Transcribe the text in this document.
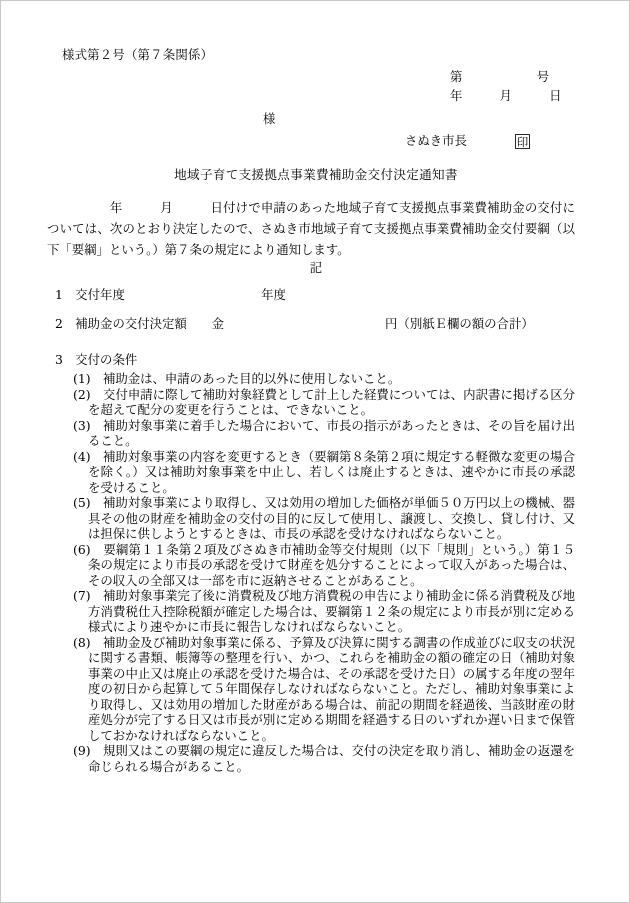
様式第２号（第７条関係）
第　　　　　　号
年　　　月　　　日
様
さぬき市長	印
地域子育て支援拠点事業費補助金交付決定通知書
　　　　　年　　　月　　　日付けで申請のあった地域子育て支援拠点事業費補助金の交付については、次のとおり決定したので、さぬき市地域子育て支援拠点事業費補助金交付要綱（以下「要綱」という。）第７条の規定により通知します。
記
1　交付年度　　　　　　　　　　　年度
2　補助金の交付決定額　　金　　　　　　　　　　　　　円（別紙Ｅ欄の額の合計）
3　交付の条件
(1)　補助金は、申請のあった目的以外に使用しないこと。
(2)　交付申請に際して補助対象経費として計上した経費については、内訳書に掲げる区分を超えて配分の変更を行うことは、できないこと。
(3)　補助対象事業に着手した場合において、市長の指示があったときは、その旨を届け出ること。
(4)　補助対象事業の内容を変更するとき（要綱第８条第２項に規定する軽微な変更の場合を除く。）又は補助対象事業を中止し、若しくは廃止するときは、速やかに市長の承認を受けること。
(5)　補助対象事業により取得し、又は効用の増加した価格が単価５０万円以上の機械、器具その他の財産を補助金の交付の目的に反して使用し、譲渡し、交換し、貸し付け、又は担保に供しようとするときは、市長の承認を受けなければならないこと。
(6)　要綱第１１条第２項及びさぬき市補助金等交付規則（以下「規則」という。）第１５条の規定により市長の承認を受けて財産を処分することによって収入があった場合は、その収入の全部又は一部を市に返納させることがあること。
(7)　補助対象事業完了後に消費税及び地方消費税の申告により補助金に係る消費税及び地方消費税仕入控除税額が確定した場合は、要綱第１２条の規定により市長が別に定める様式により速やかに市長に報告しなければならないこと。
(8)　補助金及び補助対象事業に係る、予算及び決算に関する調書の作成並びに収支の状況に関する書類、帳簿等の整理を行い、かつ、これらを補助金の額の確定の日（補助対象事業の中止又は廃止の承認を受けた場合は、その承認を受けた日）の属する年度の翌年度の初日から起算して５年間保存しなければならないこと。ただし、補助対象事業により取得し、又は効用の増加した財産がある場合は、前記の期間を経過後、当該財産の財産処分が完了する日又は市長が別に定める期間を経過する日のいずれか遅い日まで保管しておかなければならないこと。
(9)　規則又はこの要綱の規定に違反した場合は、交付の決定を取り消し、補助金の返還を命じられる場合があること。
